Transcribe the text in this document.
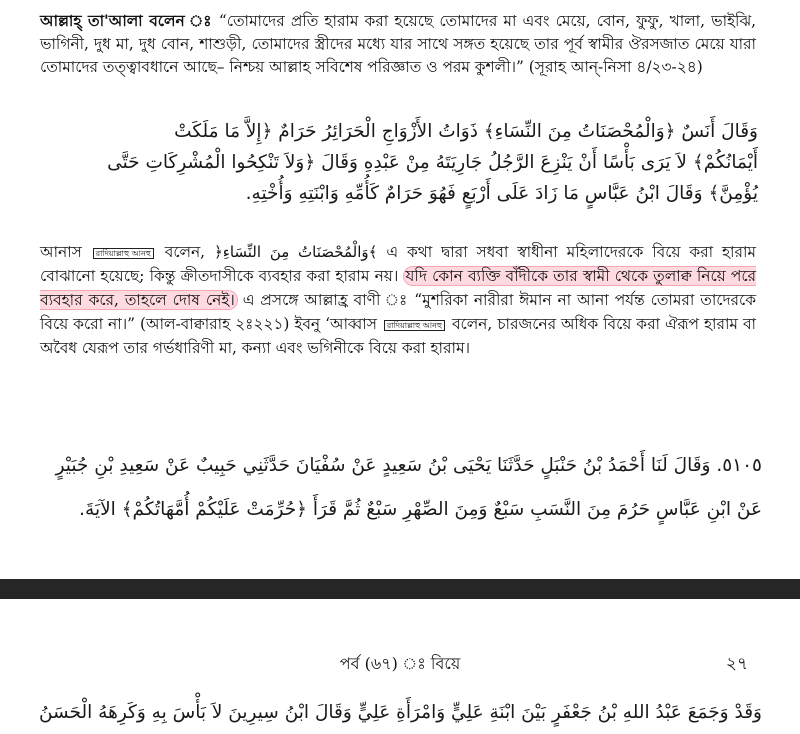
আল্লাহ্ তা'আলা বলেন ঃ “তোমাদের প্রতি হারাম করা হয়েছে তোমাদের মা এবং মেয়ে, বোন, ফুফু, খালা, ভাইঝি, ভাগিনী, দুধ মা, দুধ বোন, শাশুড়ী, তোমাদের স্ত্রীদের মধ্যে যার সাথে সঙ্গত হয়েছে তার পূর্ব স্বামীর ঔরসজাত মেয়ে যারা তোমাদের তত্ত্বাবধানে আছে– নিশ্চয় আল্লাহ সবিশেষ পরিজ্ঞাত ও পরম কুশলী।” (সূরাহ আন্-নিসা ৪/২৩-২৪)
وَقَالَ أَنَسٌ ﴿وَالْمُحْصَنَاتُ مِنَ النِّسَاءِ﴾ ذَوَاتُ الأَزْوَاجِ الْحَرَائِرُ حَرَامٌ ﴿إِلاَّ مَا مَلَكَتْ
أَيْمَانُكُمْ﴾ لاَ يَرَى بَأْسًا أَنْ يَنْزِعَ الرَّجُلُ جَارِيَتَهُ مِنْ عَبْدِهِ وَقَالَ ﴿وَلاَ تَنْكِحُوا الْمُشْرِكَاتِ حَتَّى
يُؤْمِنَّ﴾ وَقَالَ ابْنُ عَبَّاسٍ مَا زَادَ عَلَى أَرْبَعٍ فَهُوَ حَرَامٌ كَأُمِّهِ وَابْنَتِهِ وَأُخْتِهِ.
আনাস রাদিয়াল্লাহু আনহু বলেন, ﴿وَالْمُحْصَنَاتُ مِنَ النِّسَاءِ﴾ এ কথা দ্বারা সধবা স্বাধীনা মহিলাদেরকে বিয়ে করা হারাম বোঝানো হয়েছে; কিন্তু ক্রীতদাসীকে ব্যবহার করা হারাম নয়। যদি কোন ব্যক্তি বাঁদীকে তার স্বামী থেকে তুলাক্ব নিয়ে পরে ব্যবহার করে, তাহলে দোষ নেই। এ প্রসঙ্গে আল্লাহ্র বাণী ঃ “মুশরিকা নারীরা ঈমান না আনা পর্যন্ত তোমরা তাদেরকে বিয়ে করো না।” (আল-বাক্বারাহ ২ঃ২২১) ইবনু ‘আব্বাস রাদিয়াল্লাহু আনহু বলেন, চারজনের অধিক বিয়ে করা ঐরূপ হারাম বা অবৈধ যেরূপ তার গর্ভধারিণী মা, কন্যা এবং ভগিনীকে বিয়ে করা হারাম।
٥١٠٥. وَقَالَ لَنَا أَحْمَدُ بْنُ حَنْبَلٍ حَدَّثَنَا يَحْيَى بْنُ سَعِيدٍ عَنْ سُفْيَانَ حَدَّثَنِي حَبِيبٌ عَنْ سَعِيدِ بْنِ جُبَيْرٍ
عَنْ ابْنِ عَبَّاسٍ حَرُمَ مِنَ النَّسَبِ سَبْعٌ وَمِنَ الصِّهْرِ سَبْعٌ ثُمَّ قَرَأَ ﴿حُرِّمَتْ عَلَيْكُمْ أُمَّهَاتُكُمْ﴾ الآيَةَ.
পর্ব (৬৭) ঃ বিয়ে	২৭
وَقَدْ وَجَمَعَ عَبْدُ اللهِ بْنُ جَعْفَرٍ بَيْنَ ابْنَةِ عَلِيٍّ وَامْرَأَةِ عَلِيٍّ وَقَالَ ابْنُ سِيرِينَ لاَ بَأْسَ بِهِ وَكَرِهَهُ الْحَسَنُ
